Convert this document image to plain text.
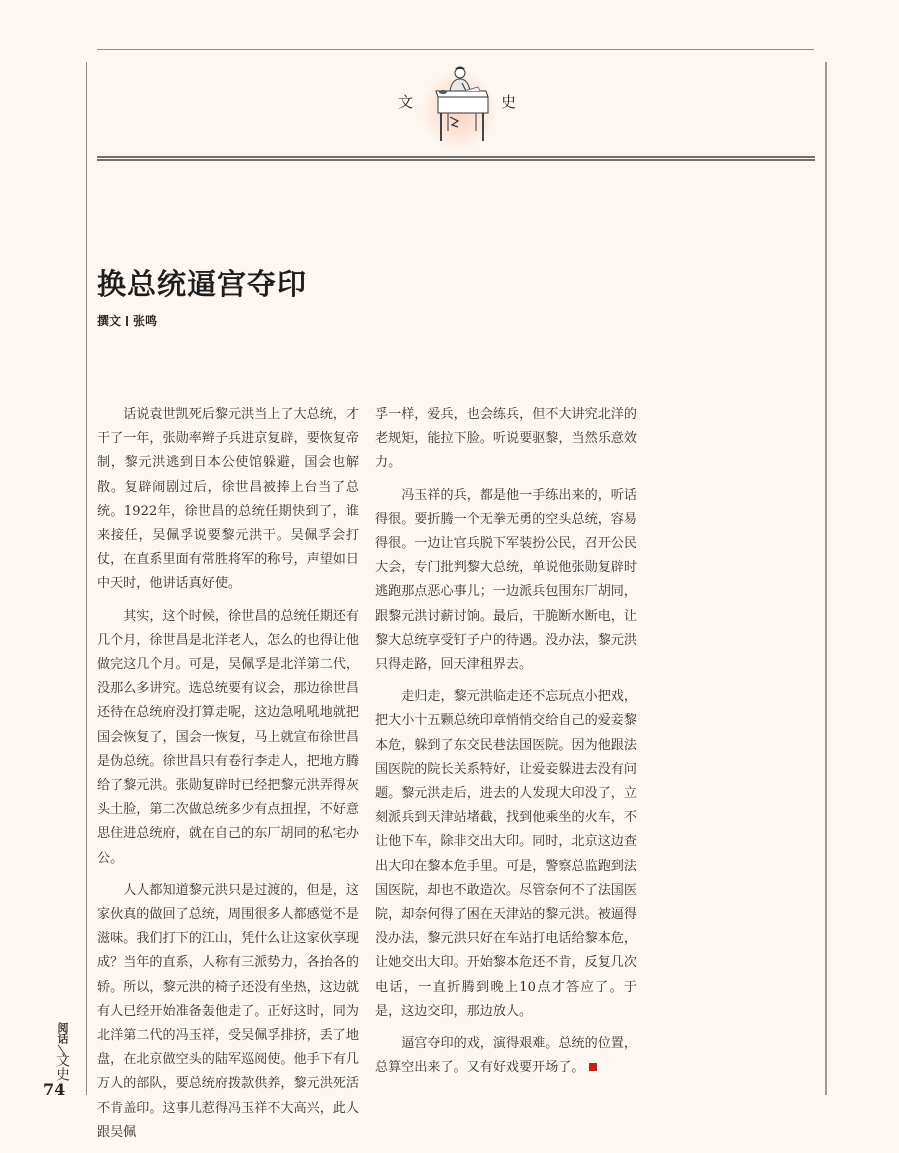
文	史
换总统逼宫夺印
撰文 张鸣

话说袁世凯死后黎元洪当上了大总统，才干了一年，张勋率辫子兵进京复辟，要恢复帝制，黎元洪逃到日本公使馆躲避，国会也解散。复辟闹剧过后，徐世昌被捧上台当了总统。1922年，徐世昌的总统任期快到了，谁来接任，吴佩孚说要黎元洪干。吴佩孚会打仗，在直系里面有常胜将军的称号，声望如日中天时，他讲话真好使。

其实，这个时候，徐世昌的总统任期还有几个月，徐世昌是北洋老人，怎么的也得让他做完这几个月。可是，吴佩孚是北洋第二代，没那么多讲究。选总统要有议会，那边徐世昌还待在总统府没打算走呢，这边急吼吼地就把国会恢复了，国会一恢复，马上就宣布徐世昌是伪总统。徐世昌只有卷行李走人，把地方腾给了黎元洪。张勋复辟时已经把黎元洪弄得灰头土脸，第二次做总统多少有点扭捏，不好意思住进总统府，就在自己的东厂胡同的私宅办公。

人人都知道黎元洪只是过渡的，但是，这家伙真的做回了总统，周围很多人都感觉不是滋味。我们打下的江山，凭什么让这家伙享现成？当年的直系，人称有三派势力，各抬各的轿。所以，黎元洪的椅子还没有坐热，这边就有人已经开始准备轰他走了。正好这时，同为北洋第二代的冯玉祥，受吴佩孚排挤，丢了地盘，在北京做空头的陆军巡阅使。他手下有几万人的部队，要总统府拨款供养，黎元洪死活不肯盖印。这事儿惹得冯玉祥不大高兴，此人跟吴佩

孚一样，爱兵，也会练兵，但不大讲究北洋的老规矩，能拉下脸。听说要驱黎，当然乐意效力。

冯玉祥的兵，都是他一手练出来的，听话得很。要折腾一个无拳无勇的空头总统，容易得很。一边让官兵脱下军装扮公民，召开公民大会，专门批判黎大总统，单说他张勋复辟时逃跑那点恶心事儿；一边派兵包围东厂胡同，跟黎元洪讨薪讨饷。最后，干脆断水断电，让黎大总统享受钉子户的待遇。没办法，黎元洪只得走路，回天津租界去。

走归走，黎元洪临走还不忘玩点小把戏，把大小十五颗总统印章悄悄交给自己的爱妾黎本危，躲到了东交民巷法国医院。因为他跟法国医院的院长关系特好，让爱妾躲进去没有问题。黎元洪走后，进去的人发现大印没了，立刻派兵到天津站堵截，找到他乘坐的火车，不让他下车，除非交出大印。同时，北京这边查出大印在黎本危手里。可是，警察总监跑到法国医院，却也不敢造次。尽管奈何不了法国医院，却奈何得了困在天津站的黎元洪。被逼得没办法，黎元洪只好在车站打电话给黎本危，让她交出大印。开始黎本危还不肯，反复几次电话，一直折腾到晚上10点才答应了。于是，这边交印，那边放人。

逼宫夺印的戏，演得艰难。总统的位置，总算空出来了。又有好戏要开场了。

阅话
文史
74
